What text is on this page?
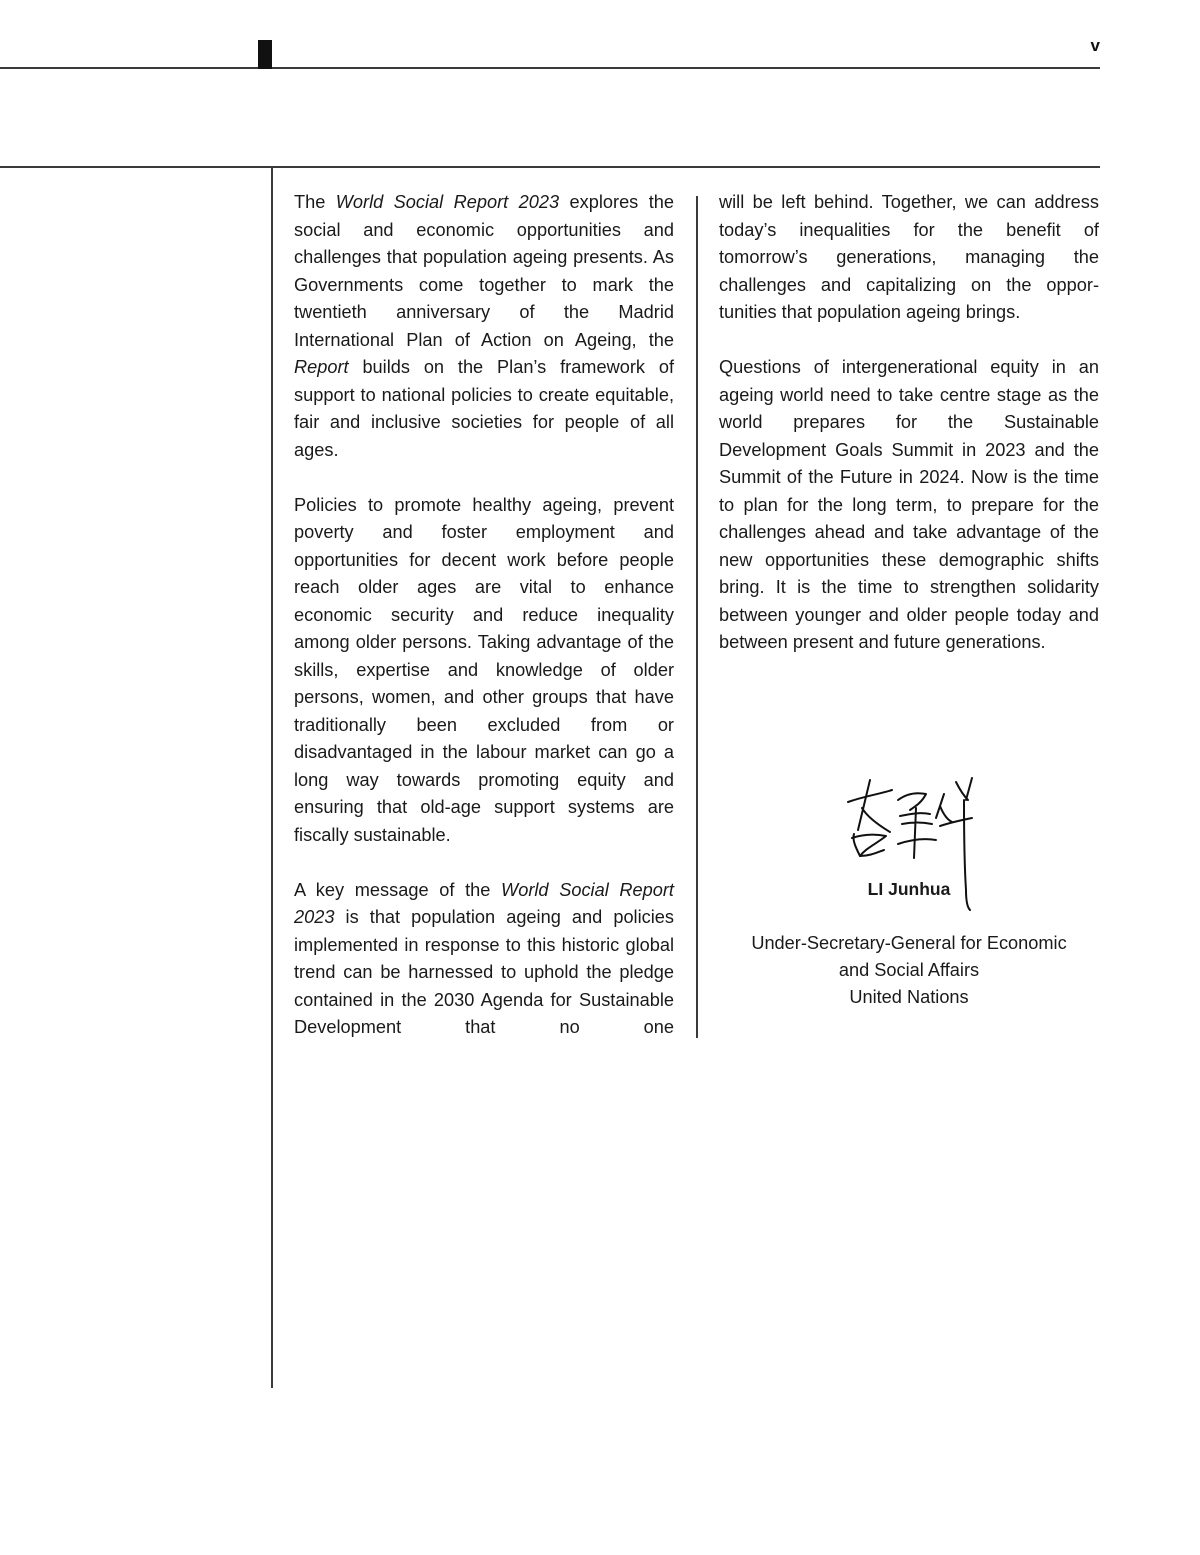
v

The World Social Report 2023 explores the social and economic opportunities and challenges that population ageing presents. As Governments come together to mark the twentieth anniversary of the Madrid International Plan of Action on Ageing, the Report builds on the Plan’s framework of support to national policies to create equitable, fair and inclusive societies for people of all ages.

Policies to promote healthy ageing, prevent poverty and foster employment and opportunities for decent work before people reach older ages are vital to enhance economic security and reduce inequality among older persons. Taking advantage of the skills, expertise and knowledge of older persons, women, and other groups that have traditionally been excluded from or disadvantaged in the labour market can go a long way towards promoting equity and ensuring that old-age support systems are fiscally sustainable.

A key message of the World Social Report 2023 is that population ageing and policies implemented in response to this historic global trend can be harnessed to uphold the pledge contained in the 2030 Agenda for Sustainable Development that no one

will be left behind. Together, we can address today’s inequalities for the benefit of tomorrow’s generations, managing the challenges and capitalizing on the opportunities that population ageing brings.

Questions of intergenerational equity in an ageing world need to take centre stage as the world prepares for the Sustainable Development Goals Summit in 2023 and the Summit of the Future in 2024. Now is the time to plan for the long term, to prepare for the challenges ahead and take advantage of the new opportunities these demographic shifts bring. It is the time to strengthen solidarity between younger and older people today and between present and future generations.

LI Junhua
Under-Secretary-General for Economic
and Social Affairs
United Nations
